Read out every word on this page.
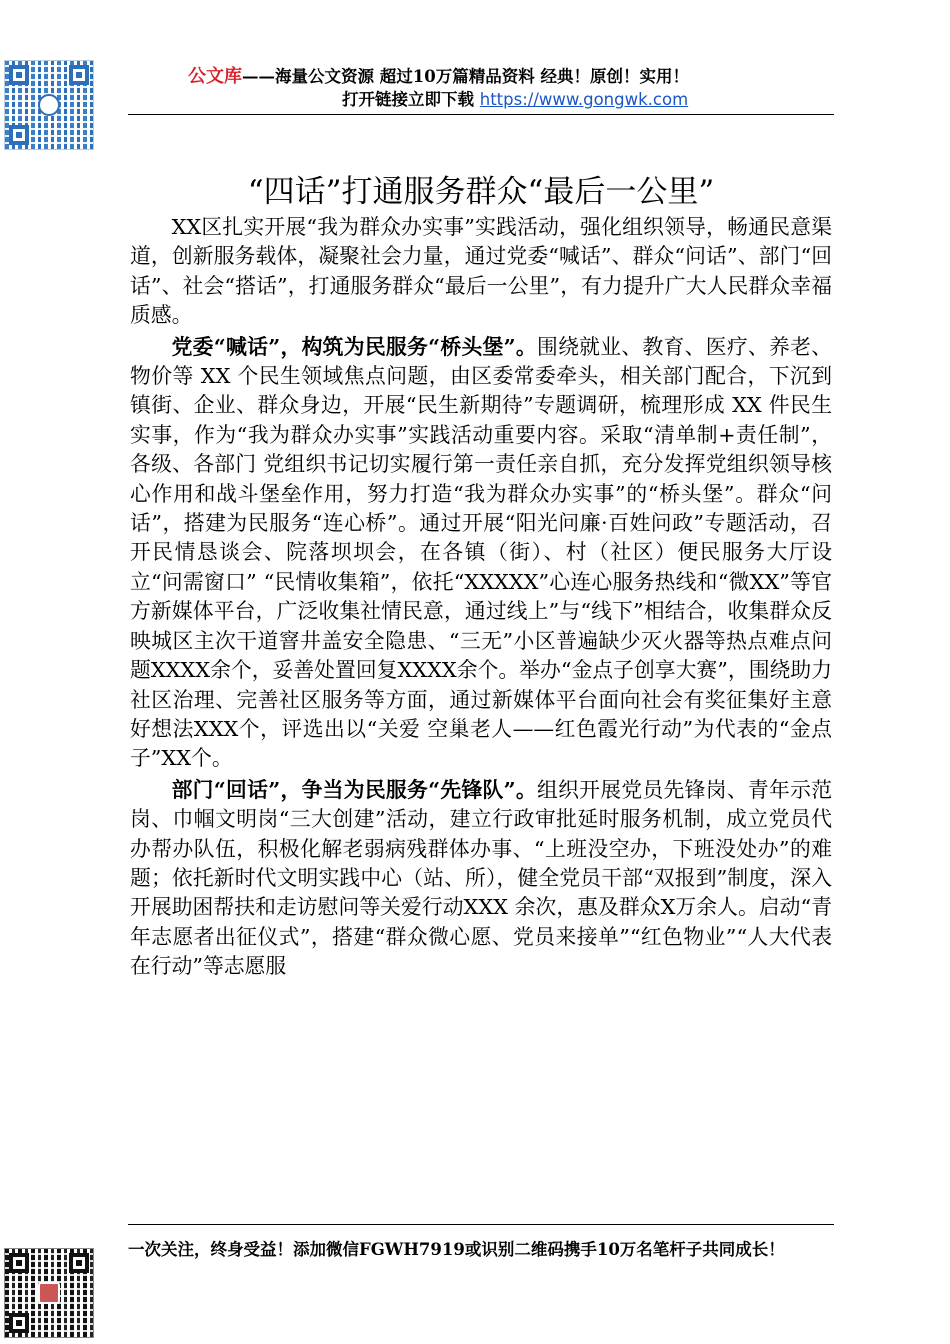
公文库——海量公文资源 超过10万篇精品资料 经典！原创！实用！
打开链接立即下载 https://www.gongwk.com
“四话”打通服务群众“最后一公里”

XX区扎实开展“我为群众办实事”实践活动，强化组织领导，畅通民意渠道，创新服务载体，凝聚社会力量，通过党委“喊话”、群众“问话”、部门“回话”、社会“搭话”，打通服务群众“最后一公里”，有力提升广大人民群众幸福质感。

党委“喊话”，构筑为民服务“桥头堡”。围绕就业、教育、医疗、养老、物价等 XX 个民生领域焦点问题，由区委常委牵头，相关部门配合，下沉到镇街、企业、群众身边，开展“民生新期待”专题调研，梳理形成 XX 件民生实事，作为“我为群众办实事”实践活动重要内容。采取“清单制+责任制”，各级、各部门 党组织书记切实履行第一责任亲自抓，充分发挥党组织领导核心作用和战斗堡垒作用，努力打造“我为群众办实事”的“桥头堡”。群众“问话”，搭建为民服务“连心桥”。通过开展“阳光问廉·百姓问政”专题活动，召开民情恳谈会、院落坝坝会，在各镇（街）、村（社区）便民服务大厅设立“问需窗口” “民情收集箱”，依托“XXXXX”心连心服务热线和“微XX”等官方新媒体平台，广泛收集社情民意，通过线上”与“线下”相结合，收集群众反映城区主次干道窨井盖安全隐患、“三无”小区普遍缺少灭火器等热点难点问题XXXX余个，妥善处置回复XXXX余个。举办“金点子创享大赛”，围绕助力社区治理、完善社区服务等方面，通过新媒体平台面向社会有奖征集好主意好想法XXX个，评选出以“关爱 空巢老人——红色霞光行动”为代表的“金点子”XX个。

部门“回话”，争当为民服务“先锋队”。组织开展党员先锋岗、青年示范岗、巾帼文明岗“三大创建”活动，建立行政审批延时服务机制，成立党员代办帮办队伍，积极化解老弱病残群体办事、“上班没空办，下班没处办”的难题；依托新时代文明实践中心（站、所），健全党员干部“双报到”制度，深入开展助困帮扶和走访慰问等关爱行动XXX 余次，惠及群众X万余人。启动“青年志愿者出征仪式”，搭建“群众微心愿、党员来接单”“红色物业”“人大代表在行动”等志愿服

一次关注，终身受益！添加微信FGWH7919或识别二维码携手10万名笔杆子共同成长！
